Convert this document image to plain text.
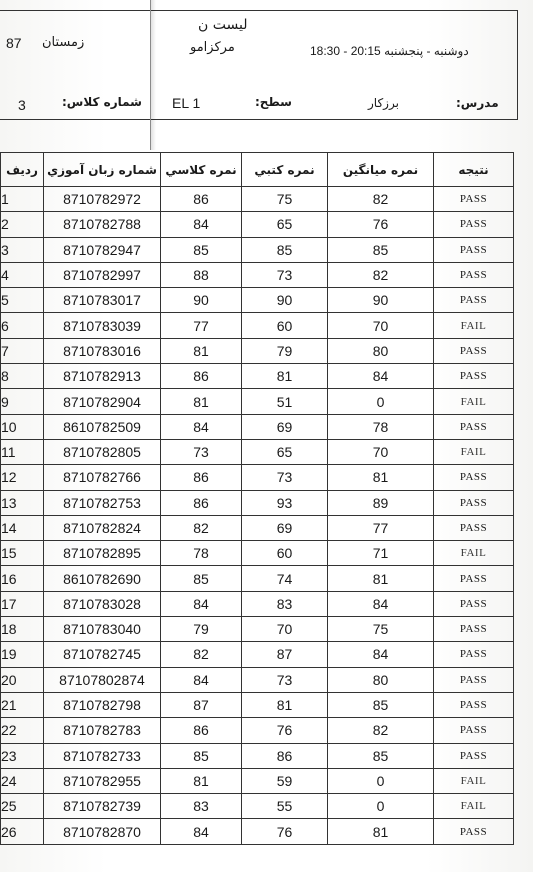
لیست ن
مرکزامو
87 زمستان
دوشنبه - پنجشنبه 20:15 - 18:30
3	شماره کلاس: EL 1	سطح:	برزکار	مدرس:
رديف	شماره زبان آموزي	نمره كلاسي	نمره كتبي	نمره ميانگين	نتيجه
1	8710782972	86	75	82	PASS
2	8710782788	84	65	76	PASS
3	8710782947	85	85	85	PASS
4	8710782997	88	73	82	PASS
5	8710783017	90	90	90	PASS
6	8710783039	77	60	70	FAIL
7	8710783016	81	79	80	PASS
8	8710782913	86	81	84	PASS
9	8710782904	81	51	0	FAIL
10	8610782509	84	69	78	PASS
11	8710782805	73	65	70	FAIL
12	8710782766	86	73	81	PASS
13	8710782753	86	93	89	PASS
14	8710782824	82	69	77	PASS
15	8710782895	78	60	71	FAIL
16	8610782690	85	74	81	PASS
17	8710783028	84	83	84	PASS
18	8710783040	79	70	75	PASS
19	8710782745	82	87	84	PASS
20	87107802874	84	73	80	PASS
21	8710782798	87	81	85	PASS
22	8710782783	86	76	82	PASS
23	8710782733	85	86	85	PASS
24	8710782955	81	59	0	FAIL
25	8710782739	83	55	0	FAIL
26	8710782870	84	76	81	PASS
